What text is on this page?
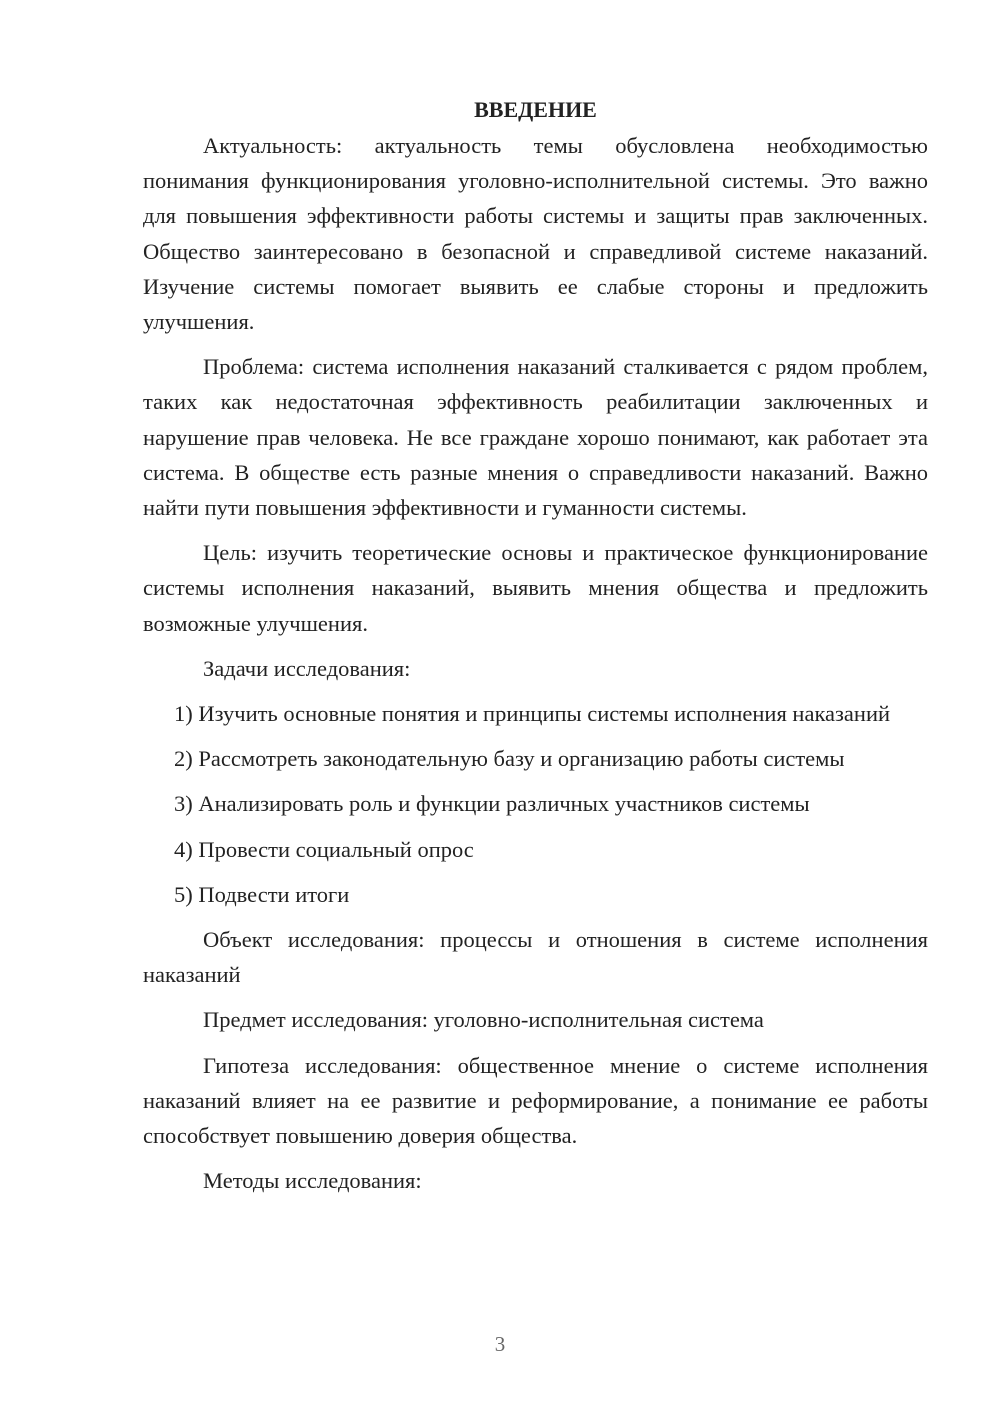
ВВЕДЕНИЕ

Актуальность: актуальность темы обусловлена необходимостью понимания функционирования уголовно-исполнительной системы. Это важно для повышения эффективности работы системы и защиты прав заключенных. Общество заинтересовано в безопасной и справедливой системе наказаний. Изучение системы помогает выявить ее слабые стороны и предложить улучшения.

Проблема: система исполнения наказаний сталкивается с рядом проблем, таких как недостаточная эффективность реабилитации заключенных и нарушение прав человека. Не все граждане хорошо понимают, как работает эта система. В обществе есть разные мнения о справедливости наказаний. Важно найти пути повышения эффективности и гуманности системы.

Цель: изучить теоретические основы и практическое функционирование системы исполнения наказаний, выявить мнения общества и предложить возможные улучшения.

Задачи исследования:

1) Изучить основные понятия и принципы системы исполнения наказаний

2) Рассмотреть законодательную базу и организацию работы системы

3) Анализировать роль и функции различных участников системы

4) Провести социальный опрос

5) Подвести итоги

Объект исследования: процессы и отношения в системе исполнения наказаний

Предмет исследования: уголовно-исполнительная система

Гипотеза исследования: общественное мнение о системе исполнения наказаний влияет на ее развитие и реформирование, а понимание ее работы способствует повышению доверия общества.

Методы исследования:

3
